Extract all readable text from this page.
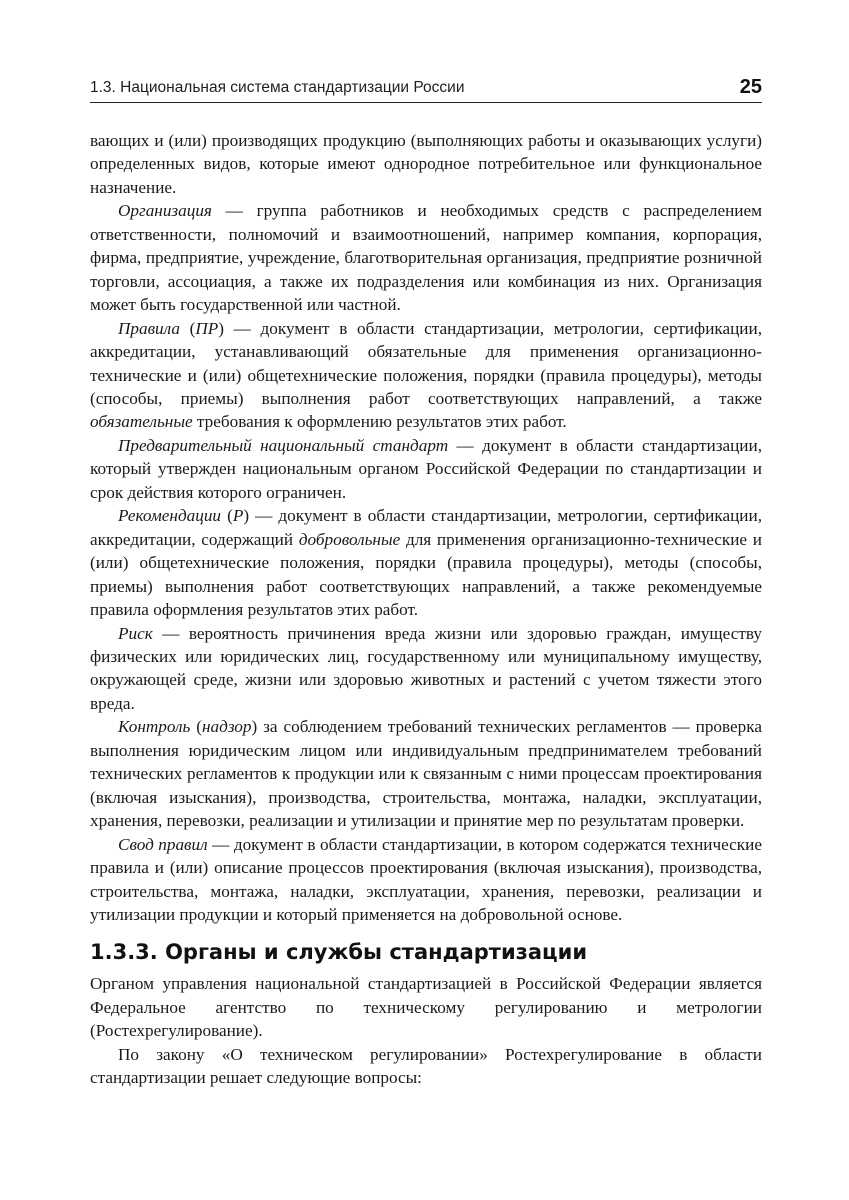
1.3. Национальная система стандартизации России	25

вающих и (или) производящих продукцию (выполняющих работы и оказывающих услуги) определенных видов, которые имеют однородное потребительное или функциональное назначение.

Организация — группа работников и необходимых средств с распределением ответственности, полномочий и взаимоотношений, например компания, корпорация, фирма, предприятие, учреждение, благотворительная организация, предприятие розничной торговли, ассоциация, а также их подразделения или комбинация из них. Организация может быть государственной или частной.

Правила (ПР) — документ в области стандартизации, метрологии, сертификации, аккредитации, устанавливающий обязательные для применения организационно-технические и (или) общетехнические положения, порядки (правила процедуры), методы (способы, приемы) выполнения работ соответствующих направлений, а также обязательные требования к оформлению результатов этих работ.

Предварительный национальный стандарт — документ в области стандартизации, который утвержден национальным органом Российской Федерации по стандартизации и срок действия которого ограничен.

Рекомендации (Р) — документ в области стандартизации, метрологии, сертификации, аккредитации, содержащий добровольные для применения организационно-технические и (или) общетехнические положения, порядки (правила процедуры), методы (способы, приемы) выполнения работ соответствующих направлений, а также рекомендуемые правила оформления результатов этих работ.

Риск — вероятность причинения вреда жизни или здоровью граждан, имуществу физических или юридических лиц, государственному или муниципальному имуществу, окружающей среде, жизни или здоровью животных и растений с учетом тяжести этого вреда.

Контроль (надзор) за соблюдением требований технических регламентов — проверка выполнения юридическим лицом или индивидуальным предпринимателем требований технических регламентов к продукции или к связанным с ними процессам проектирования (включая изыскания), производства, строительства, монтажа, наладки, эксплуатации, хранения, перевозки, реализации и утилизации и принятие мер по результатам проверки.

Свод правил — документ в области стандартизации, в котором содержатся технические правила и (или) описание процессов проектирования (включая изыскания), производства, строительства, монтажа, наладки, эксплуатации, хранения, перевозки, реализации и утилизации продукции и который применяется на добровольной основе.

1.3.3. Органы и службы стандартизации

Органом управления национальной стандартизацией в Российской Федерации является Федеральное агентство по техническому регулированию и метрологии (Ростехрегулирование).

По закону «О техническом регулировании» Ростехрегулирование в области стандартизации решает следующие вопросы:
